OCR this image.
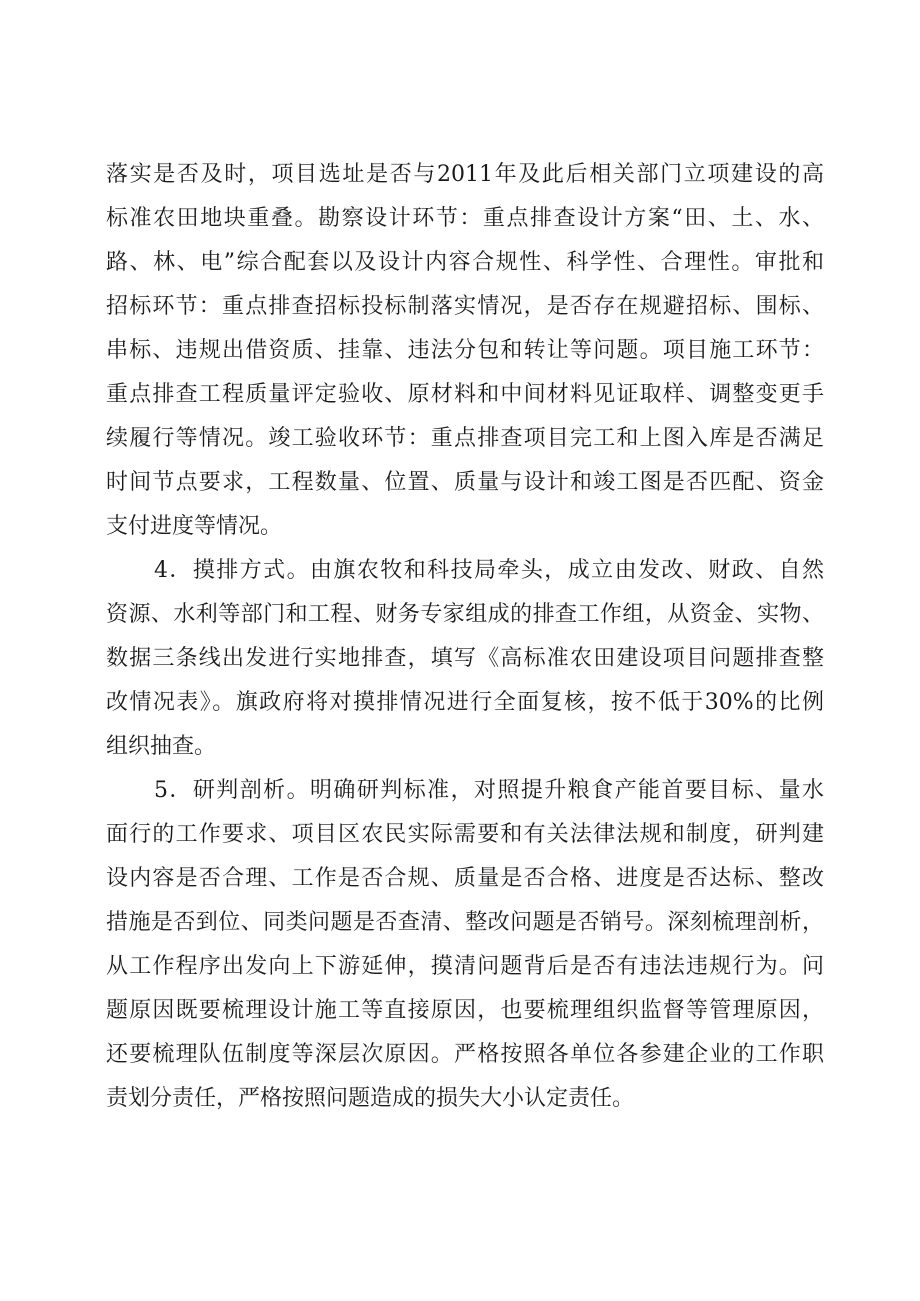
落实是否及时，项目选址是否与2011年及此后相关部门立项建设的高
标准农田地块重叠。勘察设计环节：重点排查设计方案“田、土、水、
路、林、电”综合配套以及设计内容合规性、科学性、合理性。审批和
招标环节：重点排查招标投标制落实情况，是否存在规避招标、围标、
串标、违规出借资质、挂靠、违法分包和转让等问题。项目施工环节：
重点排查工程质量评定验收、原材料和中间材料见证取样、调整变更手
续履行等情况。竣工验收环节：重点排查项目完工和上图入库是否满足
时间节点要求，工程数量、位置、质量与设计和竣工图是否匹配、资金
支付进度等情况。
4．摸排方式。由旗农牧和科技局牵头，成立由发改、财政、自然
资源、水利等部门和工程、财务专家组成的排查工作组，从资金、实物、
数据三条线出发进行实地排查，填写《高标准农田建设项目问题排查整
改情况表》。旗政府将对摸排情况进行全面复核，按不低于30%的比例
组织抽查。
5．研判剖析。明确研判标准，对照提升粮食产能首要目标、量水
面行的工作要求、项目区农民实际需要和有关法律法规和制度，研判建
设内容是否合理、工作是否合规、质量是否合格、进度是否达标、整改
措施是否到位、同类问题是否查清、整改问题是否销号。深刻梳理剖析，
从工作程序出发向上下游延伸，摸清问题背后是否有违法违规行为。问
题原因既要梳理设计施工等直接原因，也要梳理组织监督等管理原因，
还要梳理队伍制度等深层次原因。严格按照各单位各参建企业的工作职
责划分责任，严格按照问题造成的损失大小认定责任。
